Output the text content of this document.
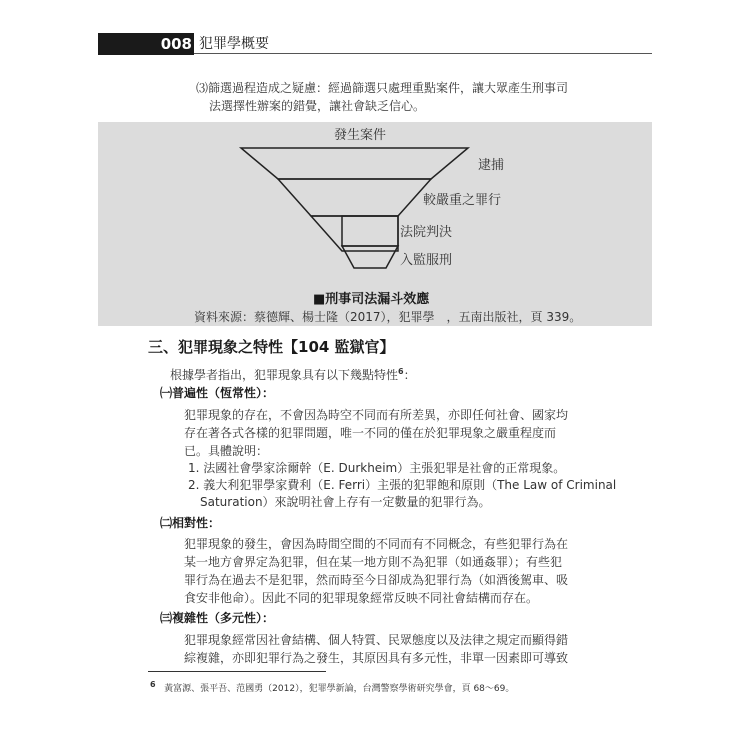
008 犯罪學概要
⑶篩選過程造成之疑慮：經過篩選只處理重點案件，讓大眾產生刑事司
法選擇性辦案的錯覺，讓社會缺乏信心。
發生案件
逮捕
較嚴重之罪行
法院判決
入監服刑
■刑事司法漏斗效應
資料來源：蔡德輝、楊士隆（2017），犯罪學　，五南出版社，頁 339。
三、犯罪現象之特性【104 監獄官】
根據學者指出，犯罪現象具有以下幾點特性$^6$：
㈠普遍性（恆常性）：
犯罪現象的存在，不會因為時空不同而有所差異，亦即任何社會、國家均
存在著各式各樣的犯罪問題，唯一不同的僅在於犯罪現象之嚴重程度而
已。具體說明：
1. 法國社會學家涂爾幹（E. Durkheim）主張犯罪是社會的正常現象。
2. 義大利犯罪學家費利（E. Ferri）主張的犯罪飽和原則（The Law of Criminal
Saturation）來說明社會上存有一定數量的犯罪行為。
㈡相對性：
犯罪現象的發生，會因為時間空間的不同而有不同概念，有些犯罪行為在
某一地方會界定為犯罪，但在某一地方則不為犯罪（如通姦罪）；有些犯
罪行為在過去不是犯罪，然而時至今日卻成為犯罪行為（如酒後駕車、吸
食安非他命）。因此不同的犯罪現象經常反映不同社會結構而存在。
㈢複雜性（多元性）：
犯罪現象經常因社會結構、個人特質、民眾態度以及法律之規定而顯得錯
綜複雜，亦即犯罪行為之發生，其原因具有多元性，非單一因素即可導致
$^6$ 黃富源、張平吾、范國勇（2012），犯罪學新論，台灣警察學術研究學會，頁 68～69。
